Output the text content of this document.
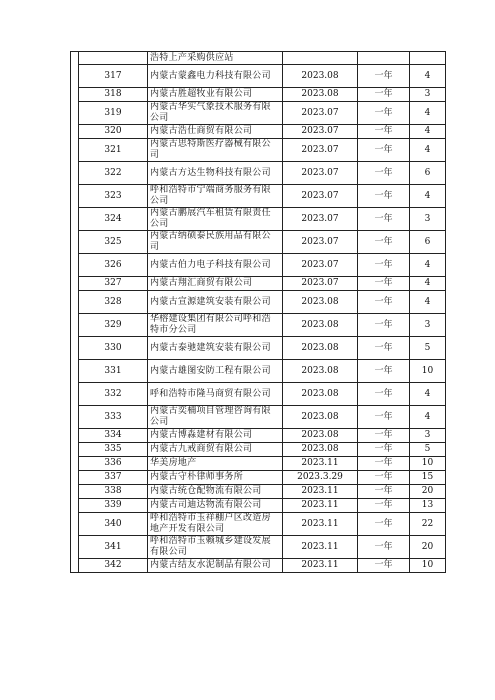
		浩特上产采购供应站			
	317	内蒙古蒙鑫电力科技有限公司	2023.08	一年	4
	318	内蒙古胜超牧业有限公司	2023.08	一年	3
	319	内蒙古华实气象技术服务有限公司	2023.07	一年	4
	320	内蒙古浩仕商贸有限公司	2023.07	一年	4
	321	内蒙古思特斯医疗器械有限公司	2023.07	一年	4
	322	内蒙古方达生物科技有限公司	2023.07	一年	6
	323	呼和浩特市宁端商务服务有限公司	2023.07	一年	4
	324	内蒙古鹏展汽车租赁有限责任公司	2023.07	一年	3
	325	内蒙古纳硕泰民族用品有限公司	2023.07	一年	6
	326	内蒙古伯力电子科技有限公司	2023.07	一年	4
	327	内蒙古翔汇商贸有限公司	2023.07	一年	4
	328	内蒙古宣源建筑安装有限公司	2023.08	一年	4
	329	华榕建设集团有限公司呼和浩特市分公司	2023.08	一年	3
	330	内蒙古泰驰建筑安装有限公司	2023.08	一年	5
	331	内蒙古雄图安防工程有限公司	2023.08	一年	10
	332	呼和浩特市隆马商贸有限公司	2023.08	一年	4
	333	内蒙古奕楠项目管理咨询有限公司	2023.08	一年	4
	334	内蒙古博淼建材有限公司	2023.08	一年	3
	335	内蒙古九戒商贸有限公司	2023.08	一年	5
	336	华美房地产	2023.11	一年	10
	337	内蒙古守朴律师事务所	2023.3.29	一年	15
	338	内蒙古统仓配物流有限公司	2023.11	一年	20
	339	内蒙古司迪达物流有限公司	2023.11	一年	13
	340	呼和浩特市玉祥棚户区改造房地产开发有限公司	2023.11	一年	22
	341	呼和浩特市玉赖城乡建设发展有限公司	2023.11	一年	20
	342	内蒙古结友水泥制品有限公司	2023.11	一年	10
